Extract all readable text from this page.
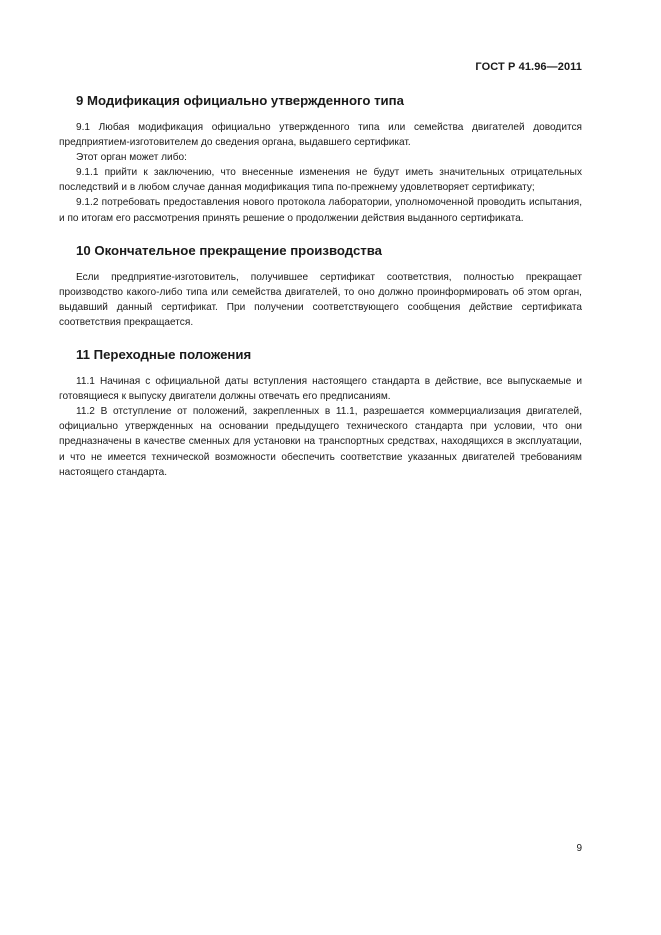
ГОСТ Р 41.96—2011
9 Модификация официально утвержденного типа

9.1 Любая модификация официально утвержденного типа или семейства двигателей доводится предприятием-изготовителем до сведения органа, выдавшего сертификат.

Этот орган может либо:

9.1.1 прийти к заключению, что внесенные изменения не будут иметь значительных отрицательных последствий и в любом случае данная модификация типа по-прежнему удовлетворяет сертификату;

9.1.2 потребовать предоставления нового протокола лаборатории, уполномоченной проводить испытания, и по итогам его рассмотрения принять решение о продолжении действия выданного сертификата.

10 Окончательное прекращение производства

Если предприятие-изготовитель, получившее сертификат соответствия, полностью прекращает производство какого-либо типа или семейства двигателей, то оно должно проинформировать об этом орган, выдавший данный сертификат. При получении соответствующего сообщения действие сертификата соответствия прекращается.

11 Переходные положения

11.1 Начиная с официальной даты вступления настоящего стандарта в действие, все выпускаемые и готовящиеся к выпуску двигатели должны отвечать его предписаниям.

11.2 В отступление от положений, закрепленных в 11.1, разрешается коммерциализация двигателей, официально утвержденных на основании предыдущего технического стандарта при условии, что они предназначены в качестве сменных для установки на транспортных средствах, находящихся в эксплуатации, и что не имеется технической возможности обеспечить соответствие указанных двигателей требованиям настоящего стандарта.

9
